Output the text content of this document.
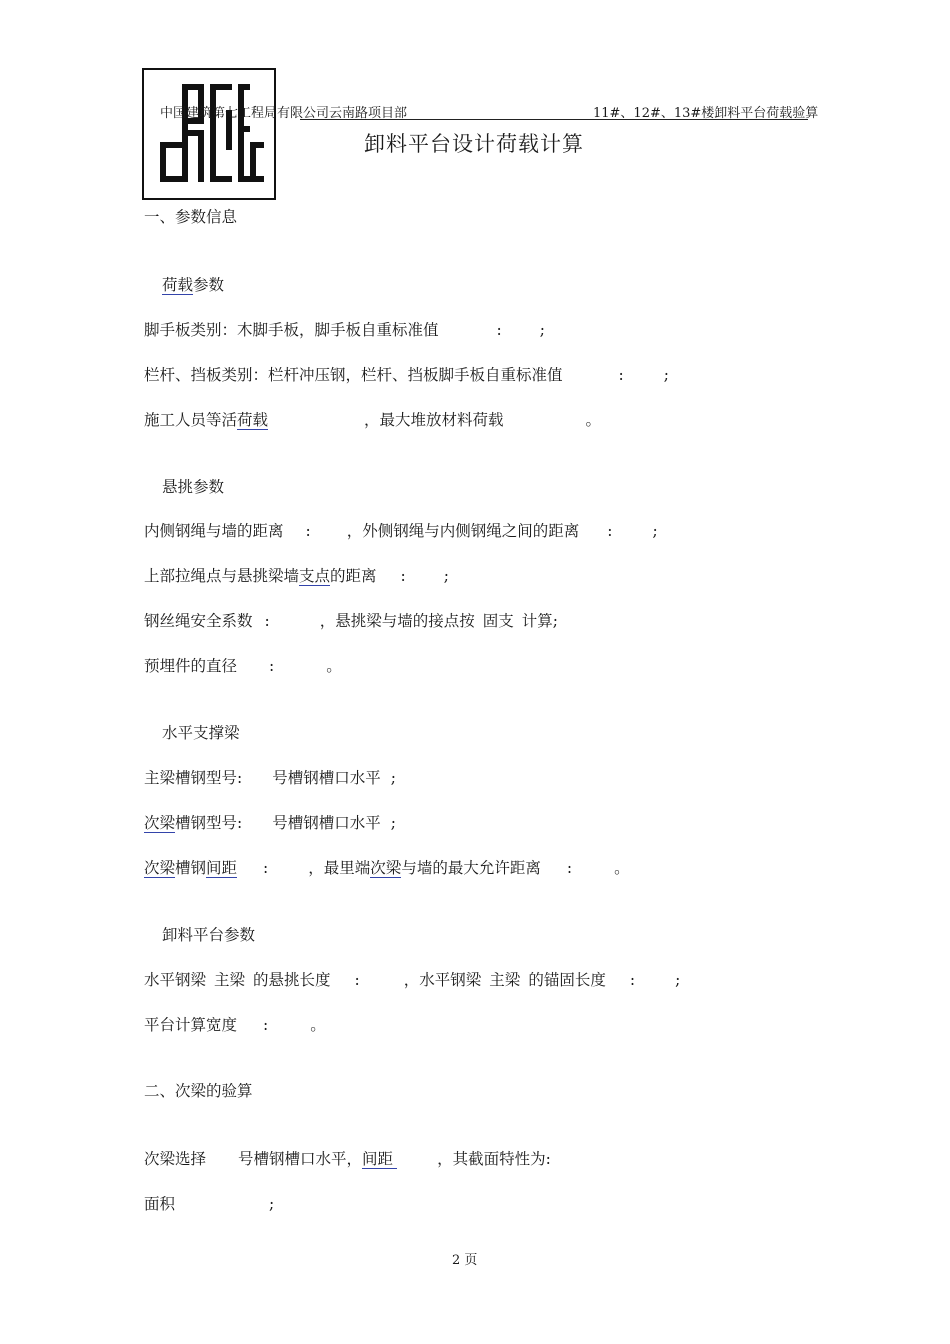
中国建筑第七工程局有限公司云南路项目部	11#、12#、13#楼卸料平台荷载验算
卸料平台设计荷载计算
一、参数信息
荷载参数
脚手板类别：木脚手板，脚手板自重标准值	: ;
栏杆、挡板类别：栏杆冲压钢，栏杆、挡板脚手板自重标准值	:	;
施工人员等活荷载	，最大堆放材料荷载	。
悬挑参数
内侧钢绳与墙的距离 : ，外侧钢绳与内侧钢绳之间的距离 :	;
上部拉绳点与悬挑梁墙支点的距离 : ;
钢丝绳安全系数 :	，悬挑梁与墙的接点按 固支 计算;
预埋件的直径 :	。
水平支撑梁
主梁槽钢型号: 号槽钢槽口水平 ;
次梁槽钢型号: 号槽钢槽口水平 ;
次梁槽钢间距 :	，最里端次梁与墙的最大允许距离 :	。
卸料平台参数
水平钢梁 主梁 的悬挑长度 :	，水平钢梁 主梁 的锚固长度 :	;
平台计算宽度 :	。
二、次梁的验算
次梁选择 号槽钢槽口水平，间距	，其截面特性为:
面积	;
2 页
